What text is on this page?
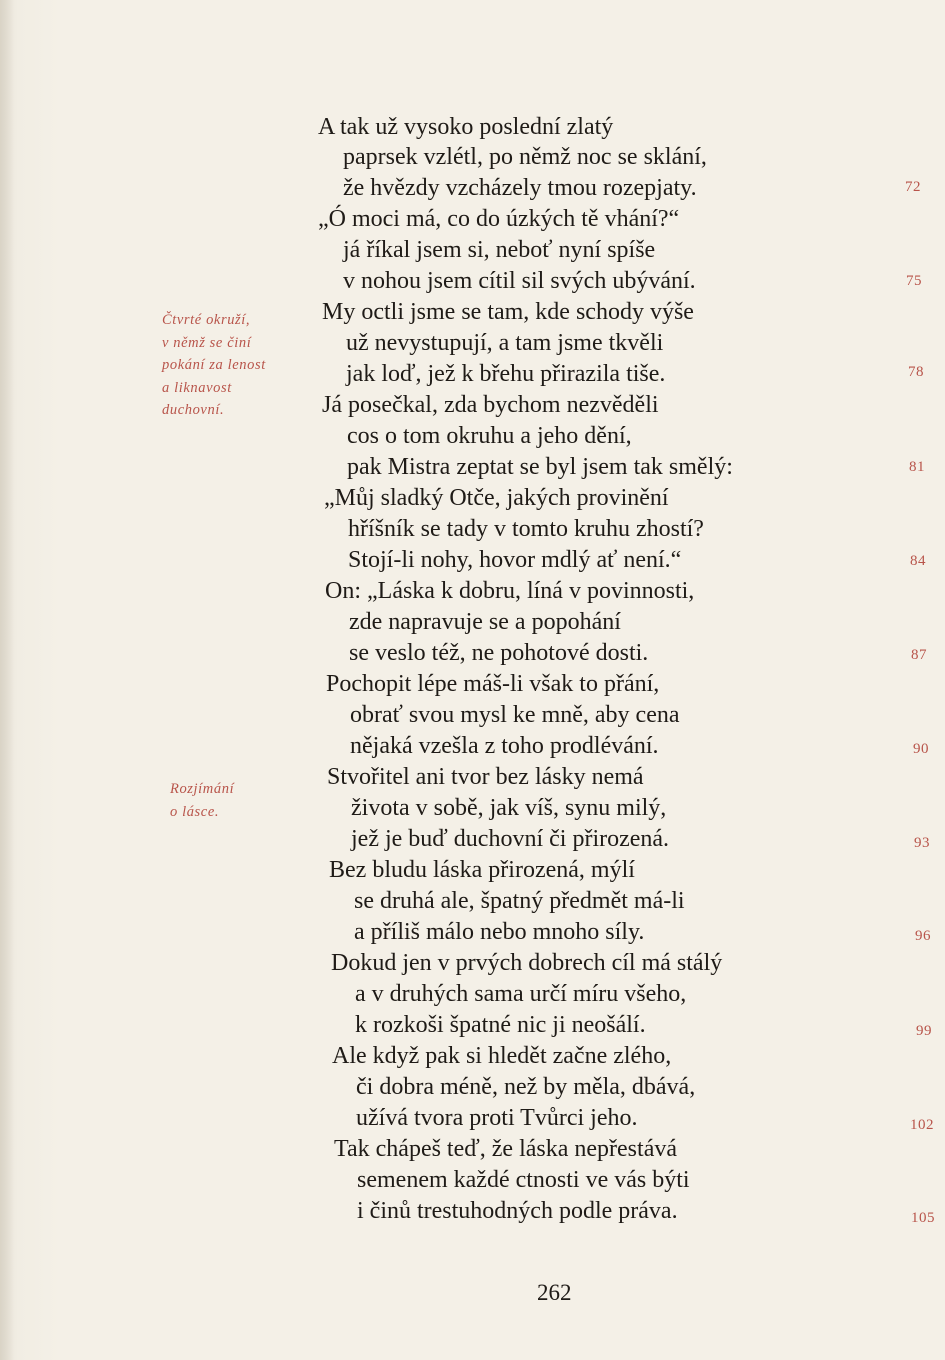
Čtvrté okruží,
v němž se činí
pokání za lenost
a liknavost
duchovní.
Rozjímání
o lásce.
A tak už vysoko poslední zlatý
paprsek vzlétl, po němž noc se sklání,
že hvězdy vzcházely tmou rozepjaty.
„Ó moci má, co do úzkých tě vhání?“
já říkal jsem si, neboť nyní spíše
v nohou jsem cítil sil svých ubývání.
My octli jsme se tam, kde schody výše
už nevystupují, a tam jsme tkvěli
jak loď, jež k břehu přirazila tiše.
Já posečkal, zda bychom nezvěděli
cos o tom okruhu a jeho dění,
pak Mistra zeptat se byl jsem tak smělý:
„Můj sladký Otče, jakých provinění
hříšník se tady v tomto kruhu zhostí?
Stojí-li nohy, hovor mdlý ať není.“
On: „Láska k dobru, líná v povinnosti,
zde napravuje se a popohání
se veslo též, ne pohotové dosti.
Pochopit lépe máš-li však to přání,
obrať svou mysl ke mně, aby cena
nějaká vzešla z toho prodlévání.
Stvořitel ani tvor bez lásky nemá
života v sobě, jak víš, synu milý,
jež je buď duchovní či přirozená.
Bez bludu láska přirozená, mýlí
se druhá ale, špatný předmět má-li
a příliš málo nebo mnoho síly.
Dokud jen v prvých dobrech cíl má stálý
a v druhých sama určí míru všeho,
k rozkoši špatné nic ji neošálí.
Ale když pak si hledět začne zlého,
či dobra méně, než by měla, dbává,
užívá tvora proti Tvůrci jeho.
Tak chápeš teď, že láska nepřestává
semenem každé ctnosti ve vás býti
i činů trestuhodných podle práva.
72
75
78
81
84
87
90
93
96
99
102
105
262
